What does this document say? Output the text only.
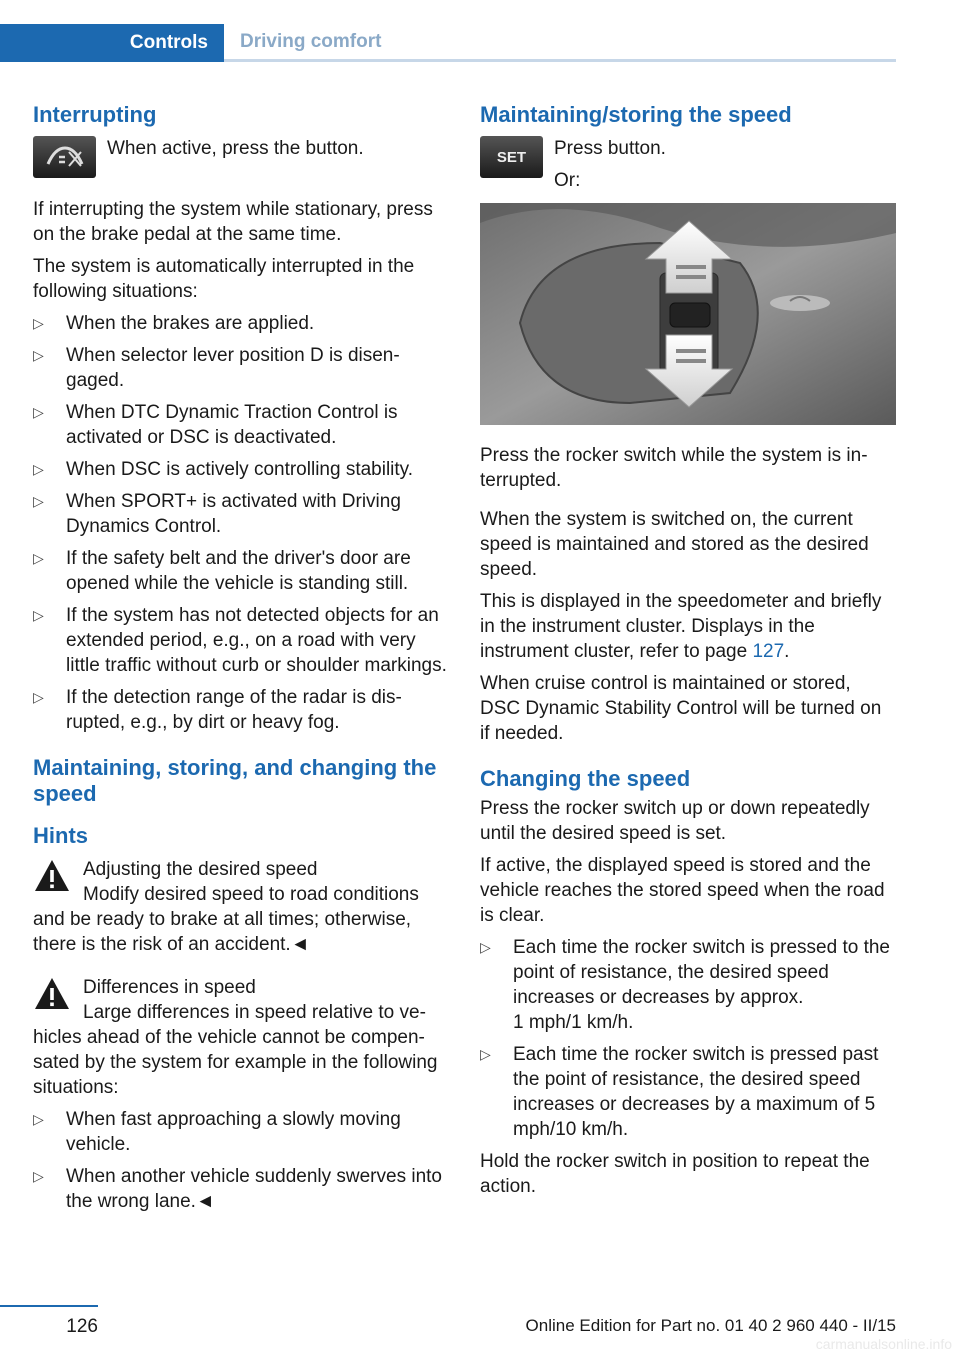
Controls	Driving comfort
Interrupting

When active, press the button.

If interrupting the system while stationary, press on the brake pedal at the same time.

The system is automatically interrupted in the following situations:

▷ When the brakes are applied.
▷ When selector lever position D is disengaged.
▷ When DTC Dynamic Traction Control is activated or DSC is deactivated.
▷ When DSC is actively controlling stability.
▷ When SPORT+ is activated with Driving Dynamics Control.
▷ If the safety belt and the driver's door are opened while the vehicle is standing still.
▷ If the system has not detected objects for an extended period, e.g., on a road with very little traffic without curb or shoulder markings.
▷ If the detection range of the radar is disrupted, e.g., by dirt or heavy fog.
Maintaining, storing, and changing the speed
Hints

Adjusting the desired speed

Modify desired speed to road conditions and be ready to brake at all times; otherwise, there is the risk of an accident.◄

Differences in speed

Large differences in speed relative to vehicles ahead of the vehicle cannot be compensated by the system for example in the following situations:

▷ When fast approaching a slowly moving vehicle.
▷ When another vehicle suddenly swerves into the wrong lane.◄
Maintaining/storing the speed
SET Press button.

Or:

Press the rocker switch while the system is interrupted.

When the system is switched on, the current speed is maintained and stored as the desired speed.

This is displayed in the speedometer and briefly in the instrument cluster. Displays in the instrument cluster, refer to page 127.

When cruise control is maintained or stored, DSC Dynamic Stability Control will be turned on if needed.

Changing the speed

Press the rocker switch up or down repeatedly until the desired speed is set.

If active, the displayed speed is stored and the vehicle reaches the stored speed when the road is clear.

▷ Each time the rocker switch is pressed to the point of resistance, the desired speed increases or decreases by approx.
1 mph/1 km/h.
▷ Each time the rocker switch is pressed past the point of resistance, the desired speed increases or decreases by a maximum of 5 mph/10 km/h.

Hold the rocker switch in position to repeat the action.

126	Online Edition for Part no. 01 40 2 960 440 - II/15
carmanualsonline.info
